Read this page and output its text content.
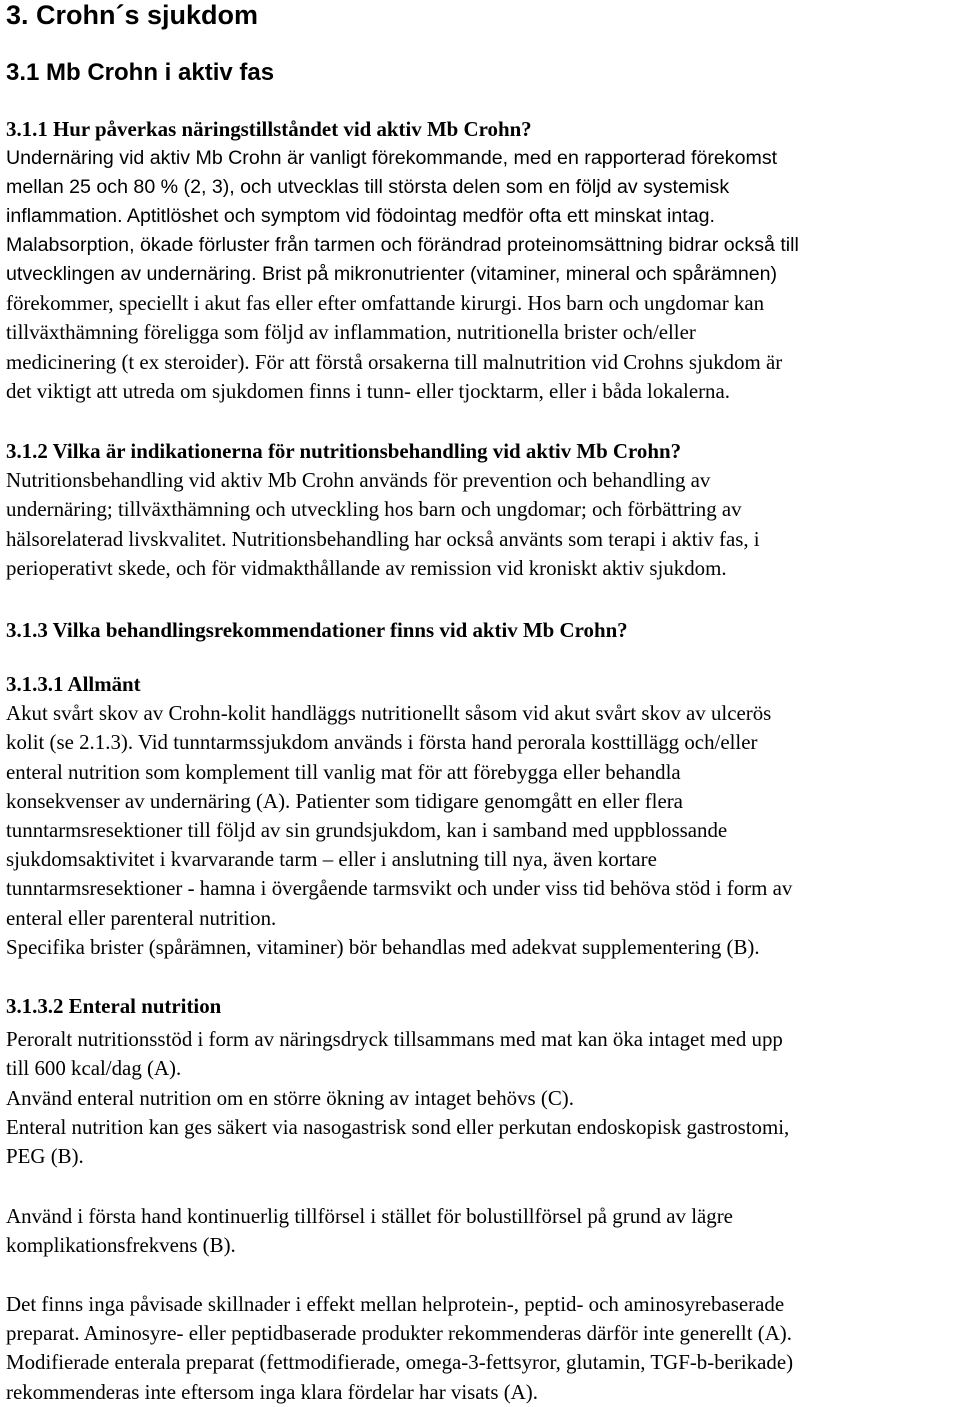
3. Crohn´s sjukdom
3.1 Mb Crohn i aktiv fas
3.1.1 Hur påverkas näringstillståndet vid aktiv Mb Crohn?
Undernäring vid aktiv Mb Crohn är vanligt förekommande, med en rapporterad förekomst
mellan 25 och 80 % (2, 3), och utvecklas till största delen som en följd av systemisk
inflammation. Aptitlöshet och symptom vid födointag medför ofta ett minskat intag.
Malabsorption, ökade förluster från tarmen och förändrad proteinomsättning bidrar också till
utvecklingen av undernäring. Brist på mikronutrienter (vitaminer, mineral och spårämnen)
förekommer, speciellt i akut fas eller efter omfattande kirurgi. Hos barn och ungdomar kan
tillväxthämning föreligga som följd av inflammation, nutritionella brister och/eller
medicinering (t ex steroider). För att förstå orsakerna till malnutrition vid Crohns sjukdom är
det viktigt att utreda om sjukdomen finns i tunn- eller tjocktarm, eller i båda lokalerna.
3.1.2 Vilka är indikationerna för nutritionsbehandling vid aktiv Mb Crohn?
Nutritionsbehandling vid aktiv Mb Crohn används för prevention och behandling av
undernäring; tillväxthämning och utveckling hos barn och ungdomar; och förbättring av
hälsorelaterad livskvalitet. Nutritionsbehandling har också använts som terapi i aktiv fas, i
perioperativt skede, och för vidmakthållande av remission vid kroniskt aktiv sjukdom.
3.1.3 Vilka behandlingsrekommendationer finns vid aktiv Mb Crohn?
3.1.3.1 Allmänt
Akut svårt skov av Crohn-kolit handläggs nutritionellt såsom vid akut svårt skov av ulcerös
kolit (se 2.1.3). Vid tunntarmssjukdom används i första hand perorala kosttillägg och/eller
enteral nutrition som komplement till vanlig mat för att förebygga eller behandla
konsekvenser av undernäring (A). Patienter som tidigare genomgått en eller flera
tunntarmsresektioner till följd av sin grundsjukdom, kan i samband med uppblossande
sjukdomsaktivitet i kvarvarande tarm – eller i anslutning till nya, även kortare
tunntarmsresektioner - hamna i övergående tarmsvikt och under viss tid behöva stöd i form av
enteral eller parenteral nutrition.
Specifika brister (spårämnen, vitaminer) bör behandlas med adekvat supplementering (B).
3.1.3.2 Enteral nutrition
Peroralt nutritionsstöd i form av näringsdryck tillsammans med mat kan öka intaget med upp
till 600 kcal/dag (A).
Använd enteral nutrition om en större ökning av intaget behövs (C).
Enteral nutrition kan ges säkert via nasogastrisk sond eller perkutan endoskopisk gastrostomi,
PEG (B).
Använd i första hand kontinuerlig tillförsel i stället för bolustillförsel på grund av lägre
komplikationsfrekvens (B).
Det finns inga påvisade skillnader i effekt mellan helprotein-, peptid- och aminosyrebaserade
preparat. Aminosyre- eller peptidbaserade produkter rekommenderas därför inte generellt (A).
Modifierade enterala preparat (fettmodifierade, omega-3-fettsyror, glutamin, TGF-b-berikade)
rekommenderas inte eftersom inga klara fördelar har visats (A).
